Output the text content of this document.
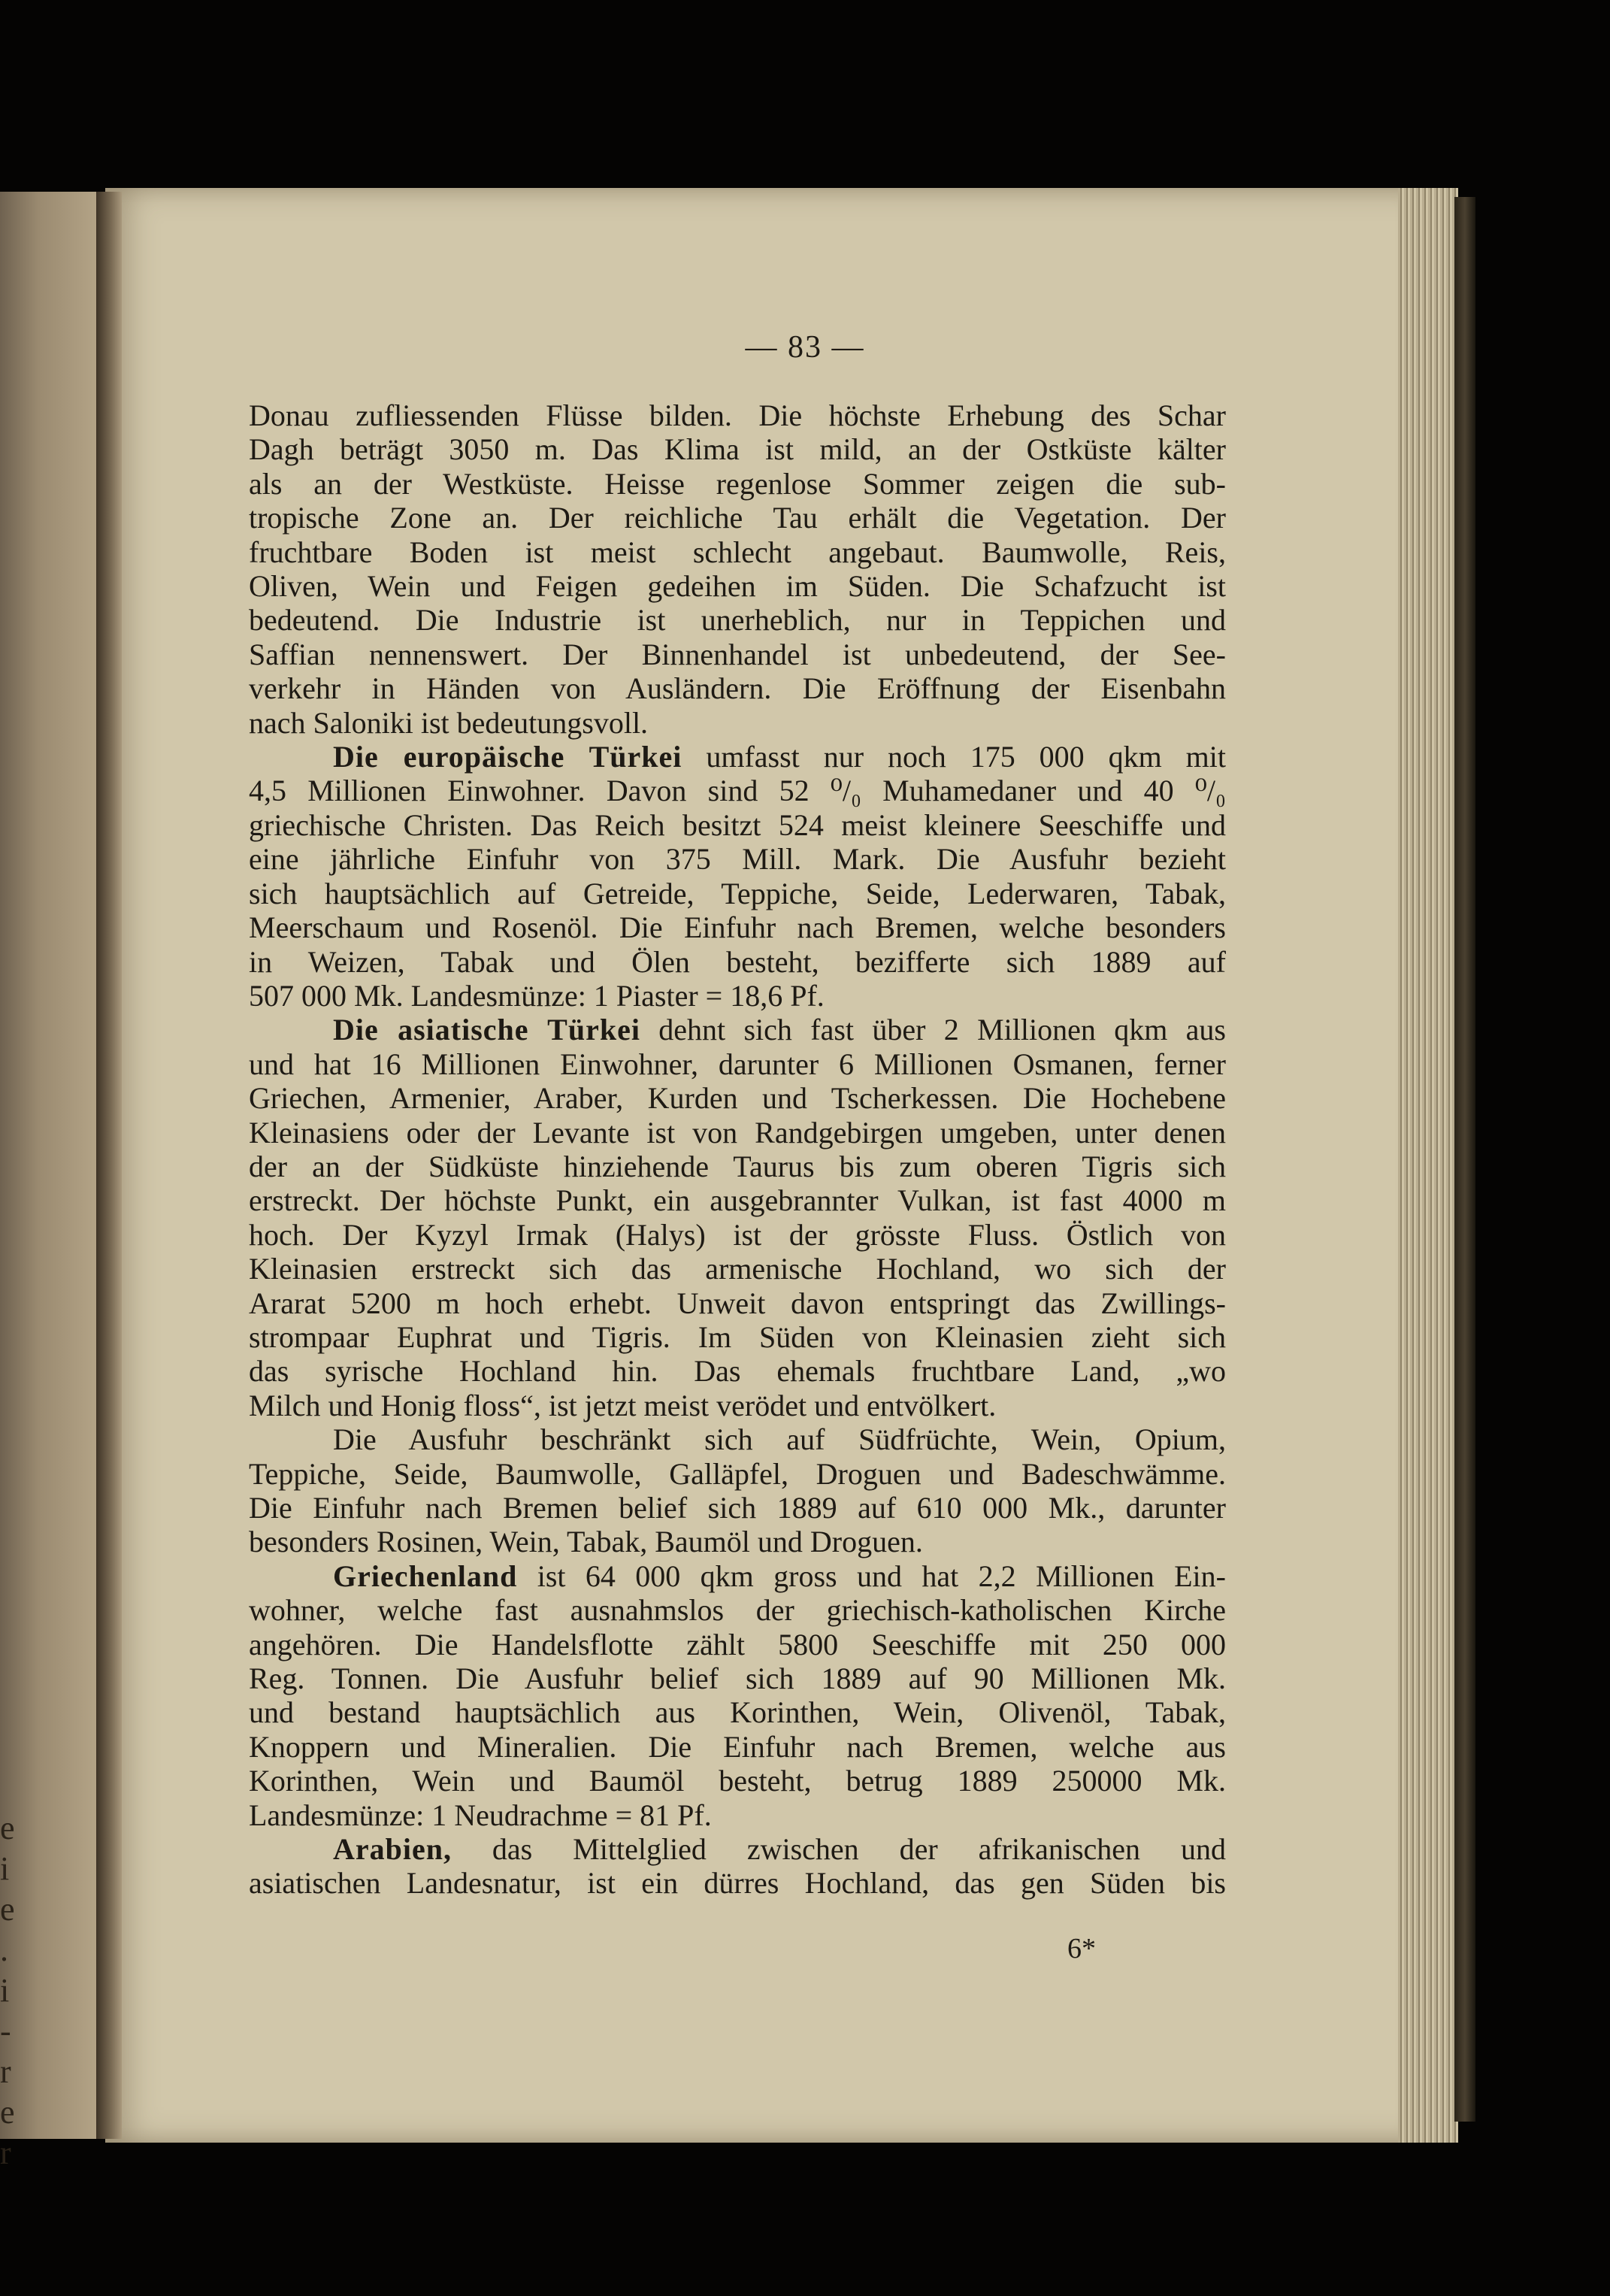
e
i
e
.
i
-
r
e
r
— 83 —

Donau zufliessenden Flüsse bilden. Die höchste Erhebung des Schar
Dagh beträgt 3050 m. Das Klima ist mild, an der Ostküste kälter
als an der Westküste. Heisse regenlose Sommer zeigen die sub-
tropische Zone an. Der reichliche Tau erhält die Vegetation. Der
fruchtbare Boden ist meist schlecht angebaut. Baumwolle, Reis,
Oliven, Wein und Feigen gedeihen im Süden. Die Schafzucht ist
bedeutend. Die Industrie ist unerheblich, nur in Teppichen und
Saffian nennenswert. Der Binnenhandel ist unbedeutend, der See-
verkehr in Händen von Ausländern. Die Eröffnung der Eisenbahn
nach Saloniki ist bedeutungsvoll.

Die europäische Türkei umfasst nur noch 175 000 qkm mit
4,5 Millionen Einwohner. Davon sind 52 ⁰/₀ Muhamedaner und 40 ⁰/₀
griechische Christen. Das Reich besitzt 524 meist kleinere Seeschiffe und
eine jährliche Einfuhr von 375 Mill. Mark. Die Ausfuhr bezieht
sich hauptsächlich auf Getreide, Teppiche, Seide, Lederwaren, Tabak,
Meerschaum und Rosenöl. Die Einfuhr nach Bremen, welche besonders
in Weizen, Tabak und Ölen besteht, bezifferte sich 1889 auf
507 000 Mk. Landesmünze: 1 Piaster = 18,6 Pf.

Die asiatische Türkei dehnt sich fast über 2 Millionen qkm aus
und hat 16 Millionen Einwohner, darunter 6 Millionen Osmanen, ferner
Griechen, Armenier, Araber, Kurden und Tscherkessen. Die Hochebene
Kleinasiens oder der Levante ist von Randgebirgen umgeben, unter denen
der an der Südküste hinziehende Taurus bis zum oberen Tigris sich
erstreckt. Der höchste Punkt, ein ausgebrannter Vulkan, ist fast 4000 m
hoch. Der Kyzyl Irmak (Halys) ist der grösste Fluss. Östlich von
Kleinasien erstreckt sich das armenische Hochland, wo sich der
Ararat 5200 m hoch erhebt. Unweit davon entspringt das Zwillings-
strompaar Euphrat und Tigris. Im Süden von Kleinasien zieht sich
das syrische Hochland hin. Das ehemals fruchtbare Land, „wo
Milch und Honig floss“, ist jetzt meist verödet und entvölkert.

Die Ausfuhr beschränkt sich auf Südfrüchte, Wein, Opium,
Teppiche, Seide, Baumwolle, Galläpfel, Droguen und Badeschwämme.
Die Einfuhr nach Bremen belief sich 1889 auf 610 000 Mk., darunter
besonders Rosinen, Wein, Tabak, Baumöl und Droguen.

Griechenland ist 64 000 qkm gross und hat 2,2 Millionen Ein-
wohner, welche fast ausnahmslos der griechisch-katholischen Kirche
angehören. Die Handelsflotte zählt 5800 Seeschiffe mit 250 000
Reg. Tonnen. Die Ausfuhr belief sich 1889 auf 90 Millionen Mk.
und bestand hauptsächlich aus Korinthen, Wein, Olivenöl, Tabak,
Knoppern und Mineralien. Die Einfuhr nach Bremen, welche aus
Korinthen, Wein und Baumöl besteht, betrug 1889 250000 Mk.
Landesmünze: 1 Neudrachme = 81 Pf.

Arabien, das Mittelglied zwischen der afrikanischen und
asiatischen Landesnatur, ist ein dürres Hochland, das gen Süden bis

6*
